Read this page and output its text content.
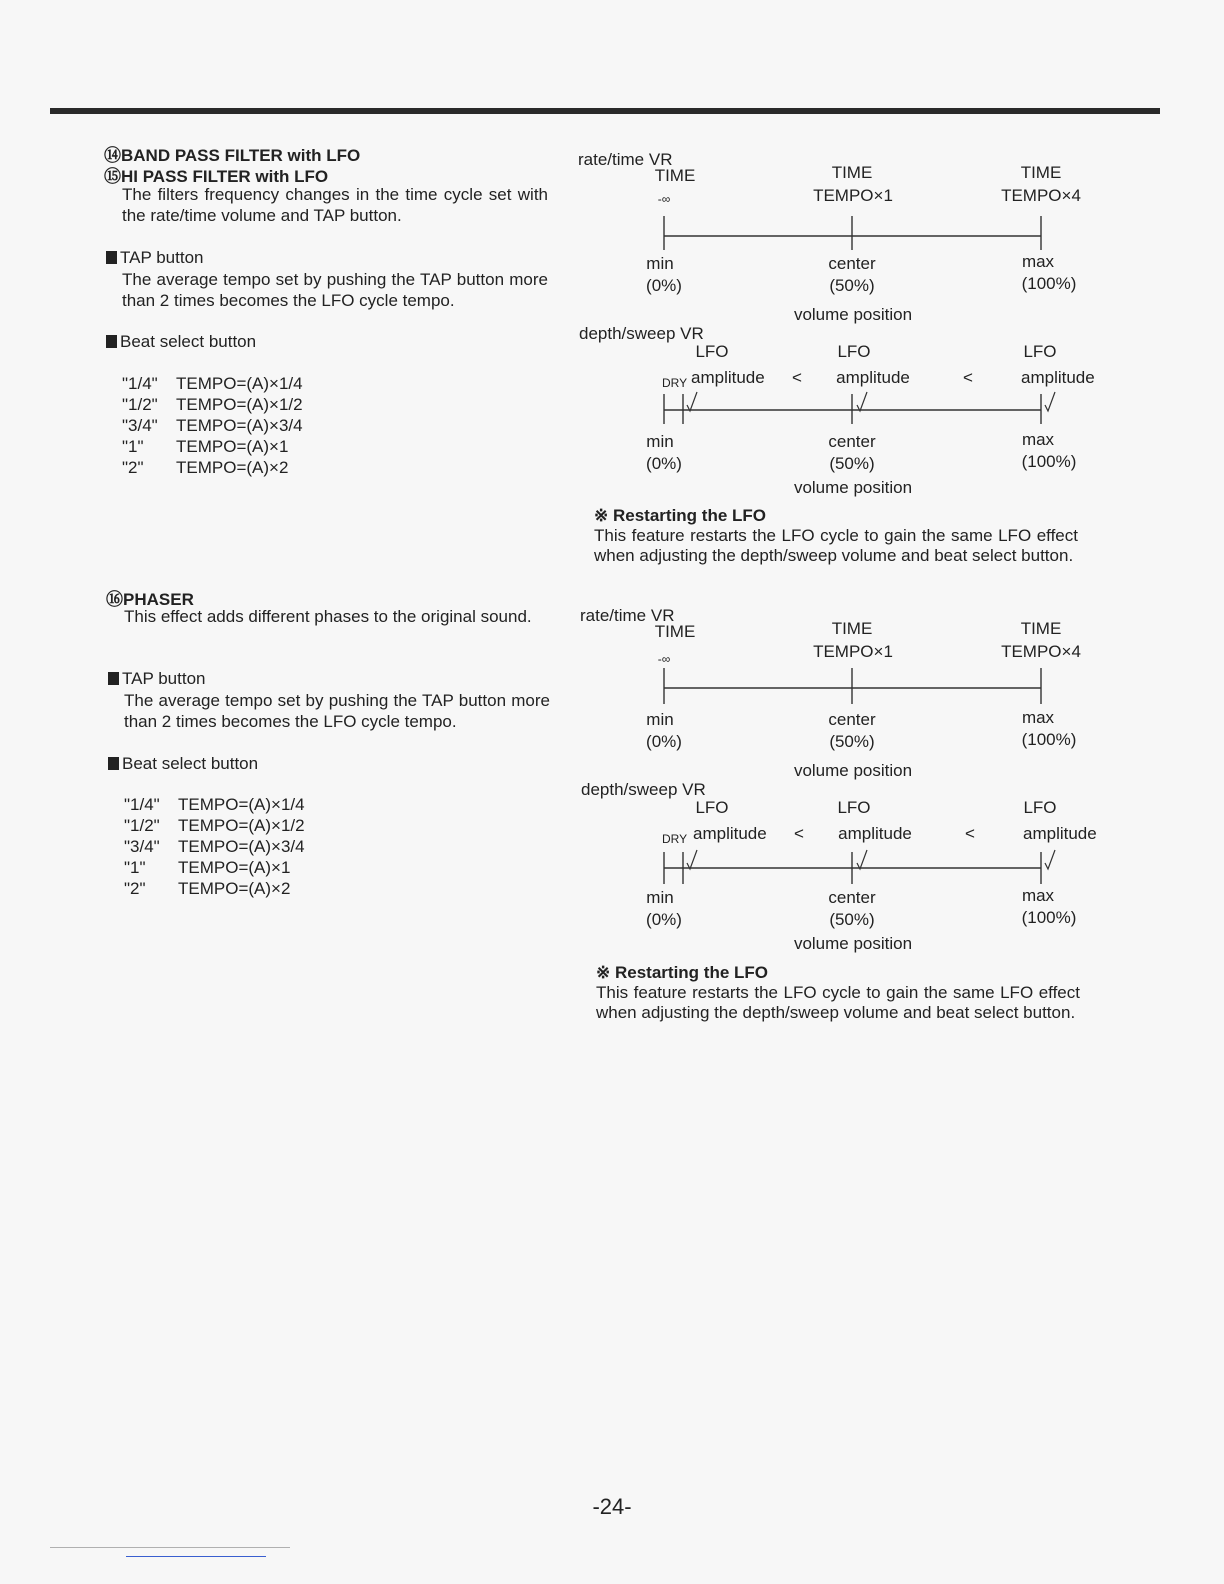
⑭BAND PASS FILTER with LFO
⑮HI PASS FILTER with LFO
The filters frequency changes in the time cycle set with the rate/time volume and TAP button.
TAP button
The average tempo set by pushing the TAP button more than 2 times becomes the LFO cycle tempo.
Beat select button
"1/4"	TEMPO=(A)×1/4
"1/2"	TEMPO=(A)×1/2
"3/4"	TEMPO=(A)×3/4
"1"	TEMPO=(A)×1
"2"	TEMPO=(A)×2
⑯PHASER
This effect adds different phases to the original sound.
TAP button
The average tempo set by pushing the TAP button more than 2 times becomes the LFO cycle tempo.
Beat select button
"1/4"	TEMPO=(A)×1/4
"1/2"	TEMPO=(A)×1/2
"3/4"	TEMPO=(A)×3/4
"1"	TEMPO=(A)×1
"2"	TEMPO=(A)×2
rate/time VR
TIME
-∞
TIME
TEMPO×1
TIME
TEMPO×4
min
(0%)
center
(50%)
max
(100%)
volume position
depth/sweep VR
LFO	LFO	LFO
DRY amplitude < amplitude	<	amplitude
min
(0%)
center
(50%)
max
(100%)
volume position
※ Restarting the LFO
This feature restarts the LFO cycle to gain the same LFO effect when adjusting the depth/sweep volume and beat select button.
rate/time VR
TIME
-∞
TIME
TEMPO×1
TIME
TEMPO×4
min
(0%)
center
(50%)
max
(100%)
volume position
depth/sweep VR
LFO	LFO	LFO
DRY amplitude < amplitude	<	amplitude
min
(0%)
center
(50%)
max
(100%)
volume position
※ Restarting the LFO
This feature restarts the LFO cycle to gain the same LFO effect when adjusting the depth/sweep volume and beat select button.
-24-
